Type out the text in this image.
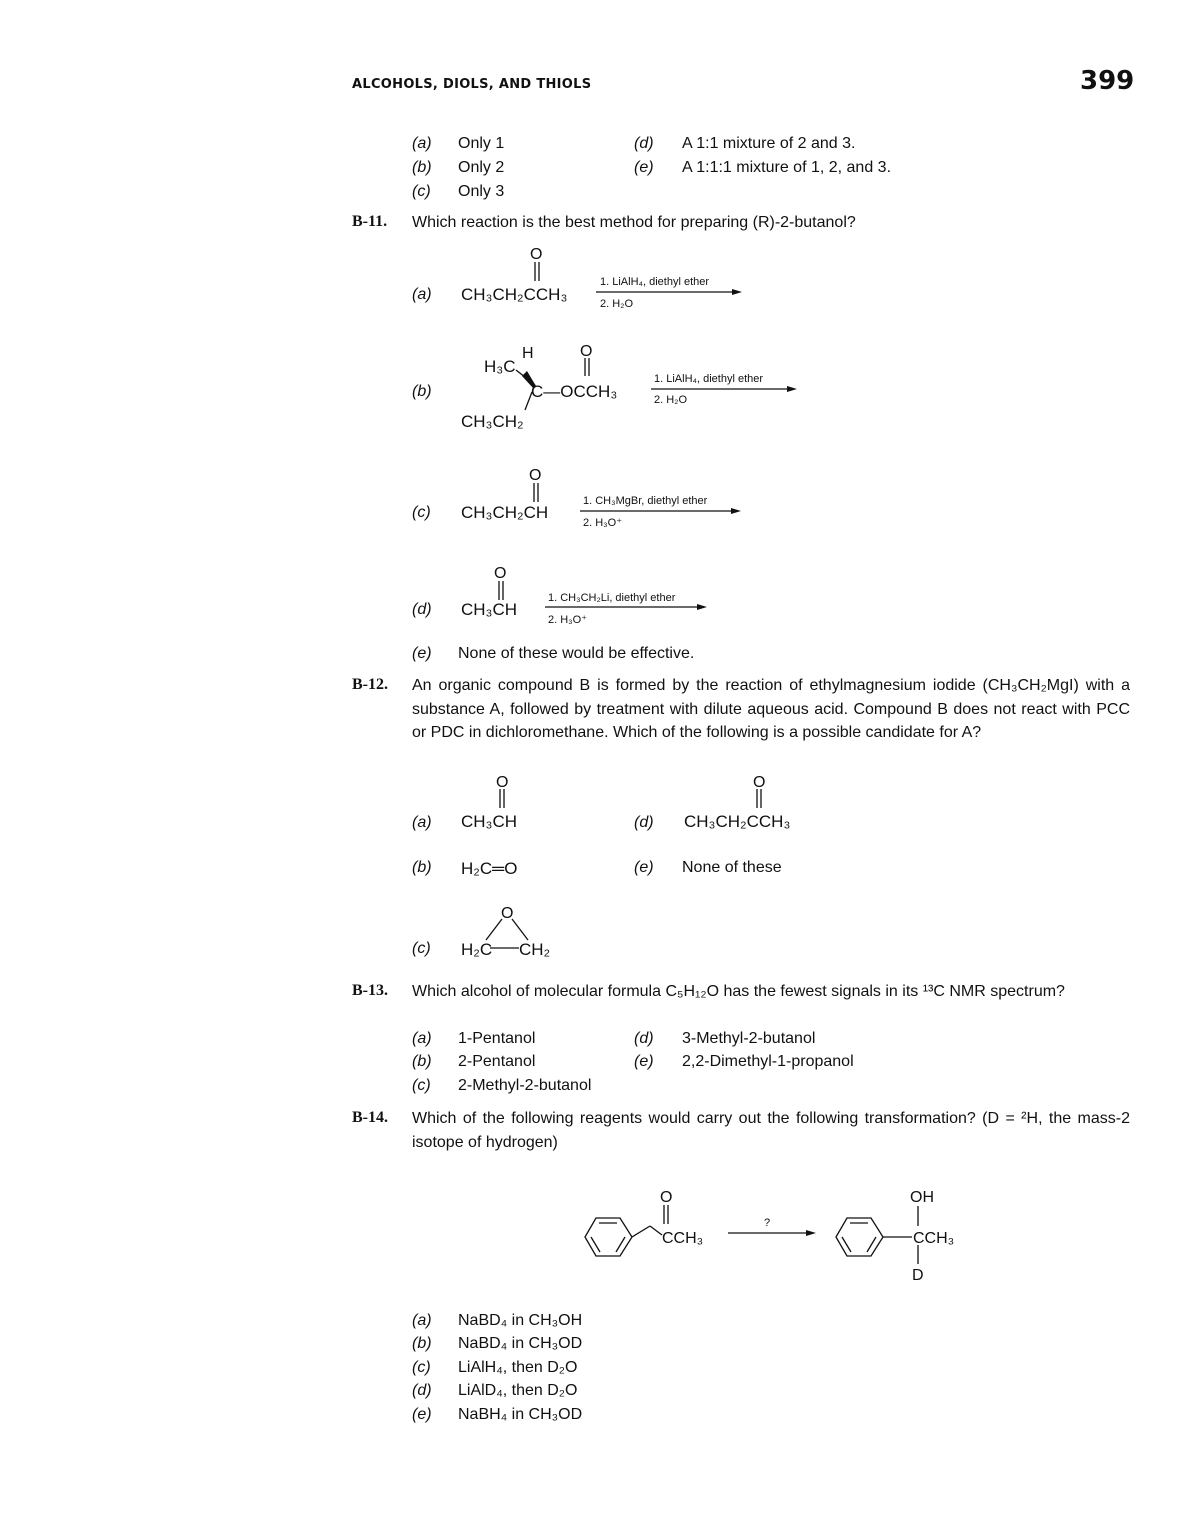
ALCOHOLS, DIOLS, AND THIOLS	399
(a) Only 1
(b) Only 2
(c) Only 3
(d) A 1:1 mixture of 2 and 3.
(e) A 1:1:1 mixture of 1, 2, and 3.
B-11. Which reaction is the best method for preparing (R)-2-butanol?
(a)
(b)
(c)
(d)
(e) None of these would be effective.
O
CH₃CH₂CCH₃
1. LiAlH₄, diethyl ether
2. H₂O
O
H₃C
H
C—OCCH₃
CH₃CH₂
1. LiAlH₄, diethyl ether
2. H₂O
O
CH₃CH₂CH
1. CH₃MgBr, diethyl ether
2. H₃O⁺
O
CH₃CH
1. CH₃CH₂Li, diethyl ether
2. H₃O⁺
B-12. An organic compound B is formed by the reaction of ethylmagnesium iodide (CH₃CH₂MgI) with a substance A, followed by treatment with dilute aqueous acid. Compound B does not react with PCC or PDC in dichloromethane. Which of the following is a possible candidate for A?
(a)
(b)
(c)
(d)
(e) None of these
O
CH₃CH
H₂C═O
O
H₂C CH₂
O
CH₃CH₂CCH₃
B-13. Which alcohol of molecular formula C₅H₁₂O has the fewest signals in its ¹³C NMR spectrum?
(a) 1-Pentanol
(b) 2-Pentanol
(c) 2-Methyl-2-butanol
(d) 3-Methyl-2-butanol
(e) 2,2-Dimethyl-1-propanol
B-14. Which of the following reagents would carry out the following transformation? (D = ²H, the mass-2 isotope of hydrogen)
O
CCH₃
?
OH
CCH₃
D
(a) NaBD₄ in CH₃OH
(b) NaBD₄ in CH₃OD
(c) LiAlH₄, then D₂O
(d) LiAlD₄, then D₂O
(e) NaBH₄ in CH₃OD
